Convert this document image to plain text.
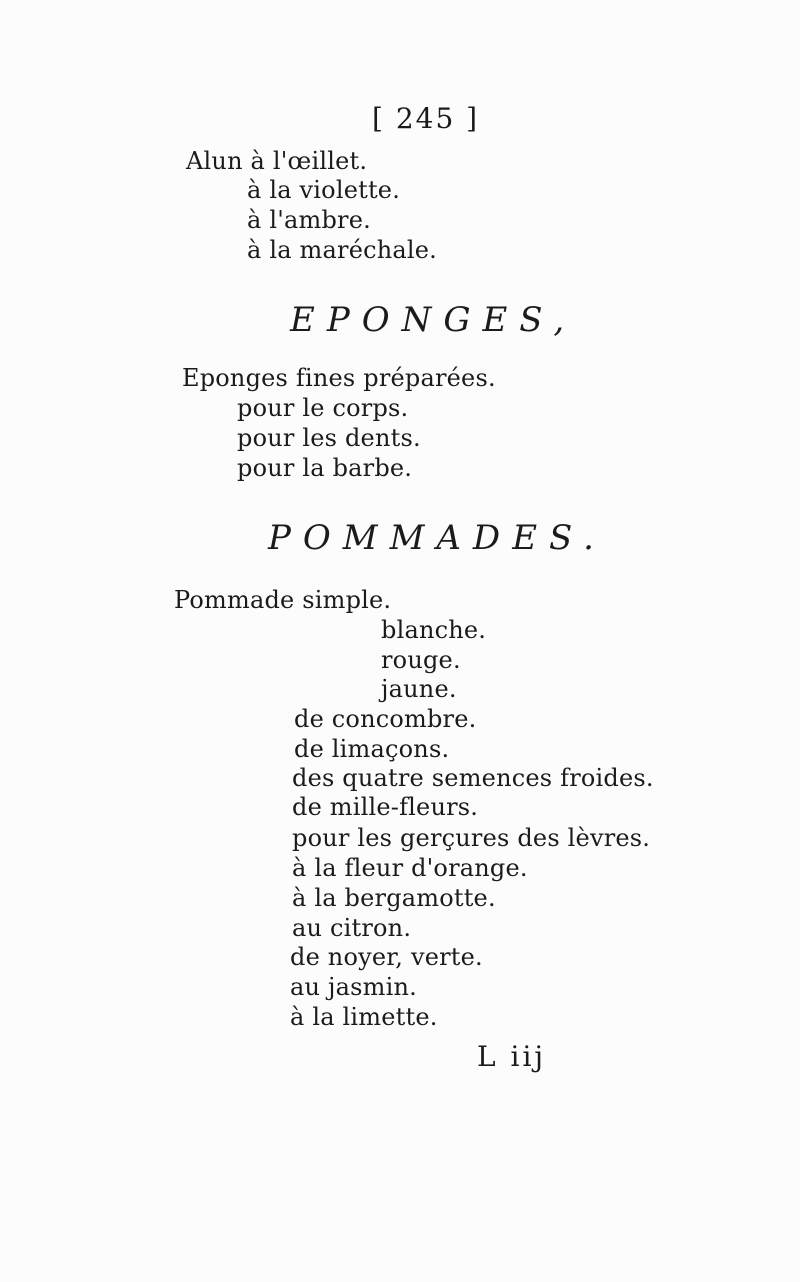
[ 245 ]
Alun à l'œillet.
à la violette.
à l'ambre.
à la maréchale.
EPONGES,
Eponges fines préparées.
pour le corps.
pour les dents.
pour la barbe.
POMMADES.
Pommade simple.
blanche.
rouge.
jaune.
de concombre.
de limaçons.
des quatre semences froides.
de mille-fleurs.
pour les gerçures des lèvres.
à la fleur d'orange.
à la bergamotte.
au citron.
de noyer, verte.
au jasmin.
à la limette.
L iij
